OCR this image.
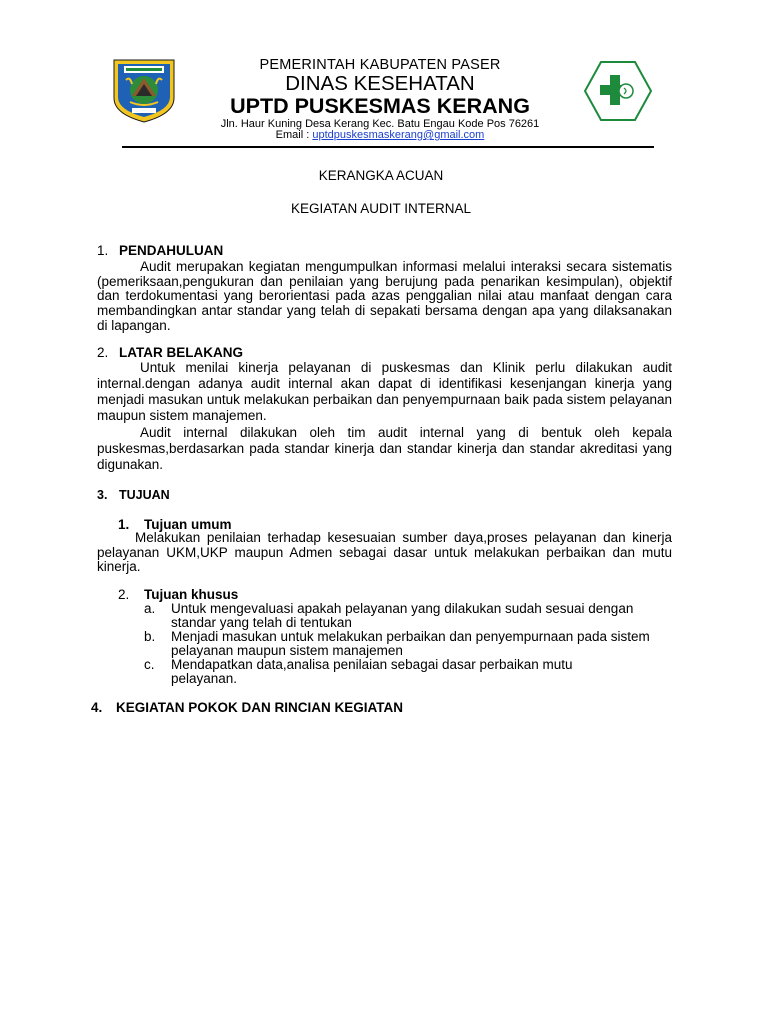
PEMERINTAH KABUPATEN PASER
DINAS KESEHATAN
UPTD PUSKESMAS KERANG
Jln. Haur Kuning Desa Kerang Kec. Batu Engau Kode Pos 76261
Email : uptdpuskesmaskerang@gmail.com
KERANGKA ACUAN
KEGIATAN AUDIT INTERNAL
1. PENDAHULUAN
Audit merupakan kegiatan mengumpulkan informasi melalui interaksi secara sistematis (pemeriksaan,pengukuran dan penilaian yang berujung pada penarikan kesimpulan), objektif dan terdokumentasi yang berorientasi pada azas penggalian nilai atau manfaat dengan cara membandingkan antar standar yang telah di sepakati bersama dengan apa yang dilaksanakan di lapangan.
2. LATAR BELAKANG
Untuk menilai kinerja pelayanan di puskesmas dan Klinik perlu dilakukan audit internal.dengan adanya audit internal akan dapat di identifikasi kesenjangan kinerja yang menjadi masukan untuk melakukan perbaikan dan penyempurnaan baik pada sistem pelayanan maupun sistem manajemen.
Audit internal dilakukan oleh tim audit internal yang di bentuk oleh kepala puskesmas,berdasarkan pada standar kinerja dan standar kinerja dan standar akreditasi yang digunakan.
3. TUJUAN
1. Tujuan umum
Melakukan penilaian terhadap kesesuaian sumber daya,proses pelayanan dan kinerja pelayanan UKM,UKP maupun Admen sebagai dasar untuk melakukan perbaikan dan mutu kinerja.
2. Tujuan khusus
a. Untuk mengevaluasi apakah pelayanan yang dilakukan sudah sesuai dengan standar yang telah di tentukan
b. Menjadi masukan untuk melakukan perbaikan dan penyempurnaan pada sistem pelayanan maupun sistem manajemen
c. Mendapatkan data,analisa penilaian sebagai dasar perbaikan mutu pelayanan.
4. KEGIATAN POKOK DAN RINCIAN KEGIATAN
